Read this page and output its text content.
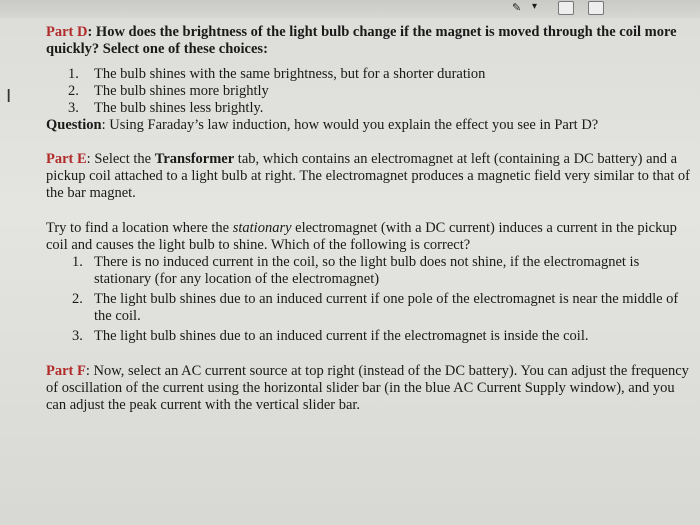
✎	▾
I

Part D: How does the brightness of the light bulb change if the magnet is moved through the coil more quickly? Select one of these choices:

1. The bulb shines with the same brightness, but for a shorter duration
2. The bulb shines more brightly
3. The bulb shines less brightly.

Question: Using Faraday’s law induction, how would you explain the effect you see in Part D?

Part E: Select the Transformer tab, which contains an electromagnet at left (containing a DC battery) and a pickup coil attached to a light bulb at right. The electromagnet produces a magnetic field very similar to that of the bar magnet.

Try to find a location where the stationary electromagnet (with a DC current) induces a current in the pickup coil and causes the light bulb to shine. Which of the following is correct?

1. There is no induced current in the coil, so the light bulb does not shine, if the electromagnet is stationary (for any location of the electromagnet)
2. The light bulb shines due to an induced current if one pole of the electromagnet is near the middle of the coil.
3. The light bulb shines due to an induced current if the electromagnet is inside the coil.

Part F: Now, select an AC current source at top right (instead of the DC battery). You can adjust the frequency of oscillation of the current using the horizontal slider bar (in the blue AC Current Supply window), and you can adjust the peak current with the vertical slider bar.
